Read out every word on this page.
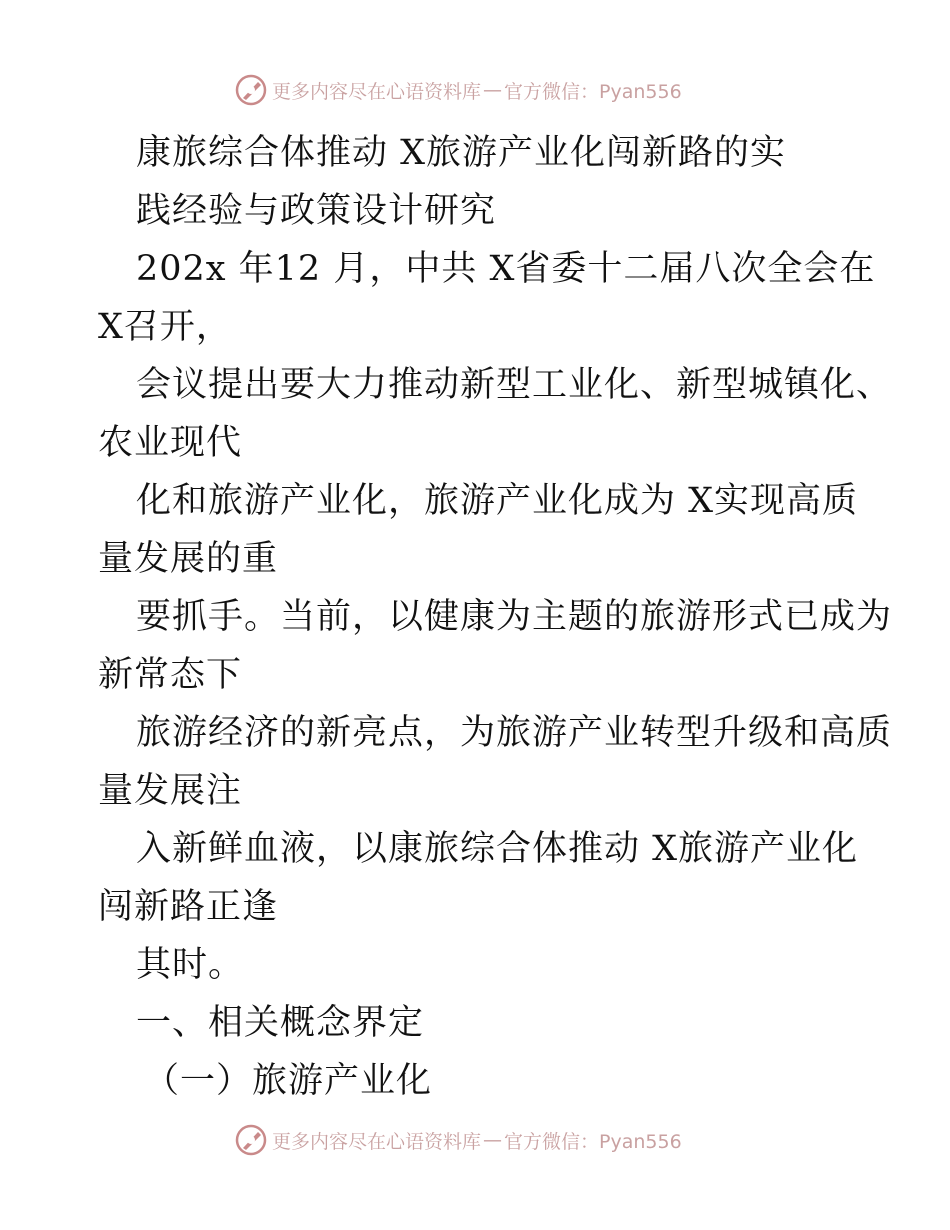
更多内容尽在心语资料库 — 官方微信：Pyan556
康旅综合体推动 X旅游产业化闯新路的实
践经验与政策设计研究
202x 年12 月，中共 X省委十二届八次全会在
X召开，
会议提出要大力推动新型工业化、新型城镇化、
农业现代
化和旅游产业化，旅游产业化成为 X实现高质
量发展的重
要抓手。当前，以健康为主题的旅游形式已成为
新常态下
旅游经济的新亮点，为旅游产业转型升级和高质
量发展注
入新鲜血液，以康旅综合体推动 X旅游产业化
闯新路正逢
其时。
一、相关概念界定
（一）旅游产业化
更多内容尽在心语资料库 — 官方微信：Pyan556
